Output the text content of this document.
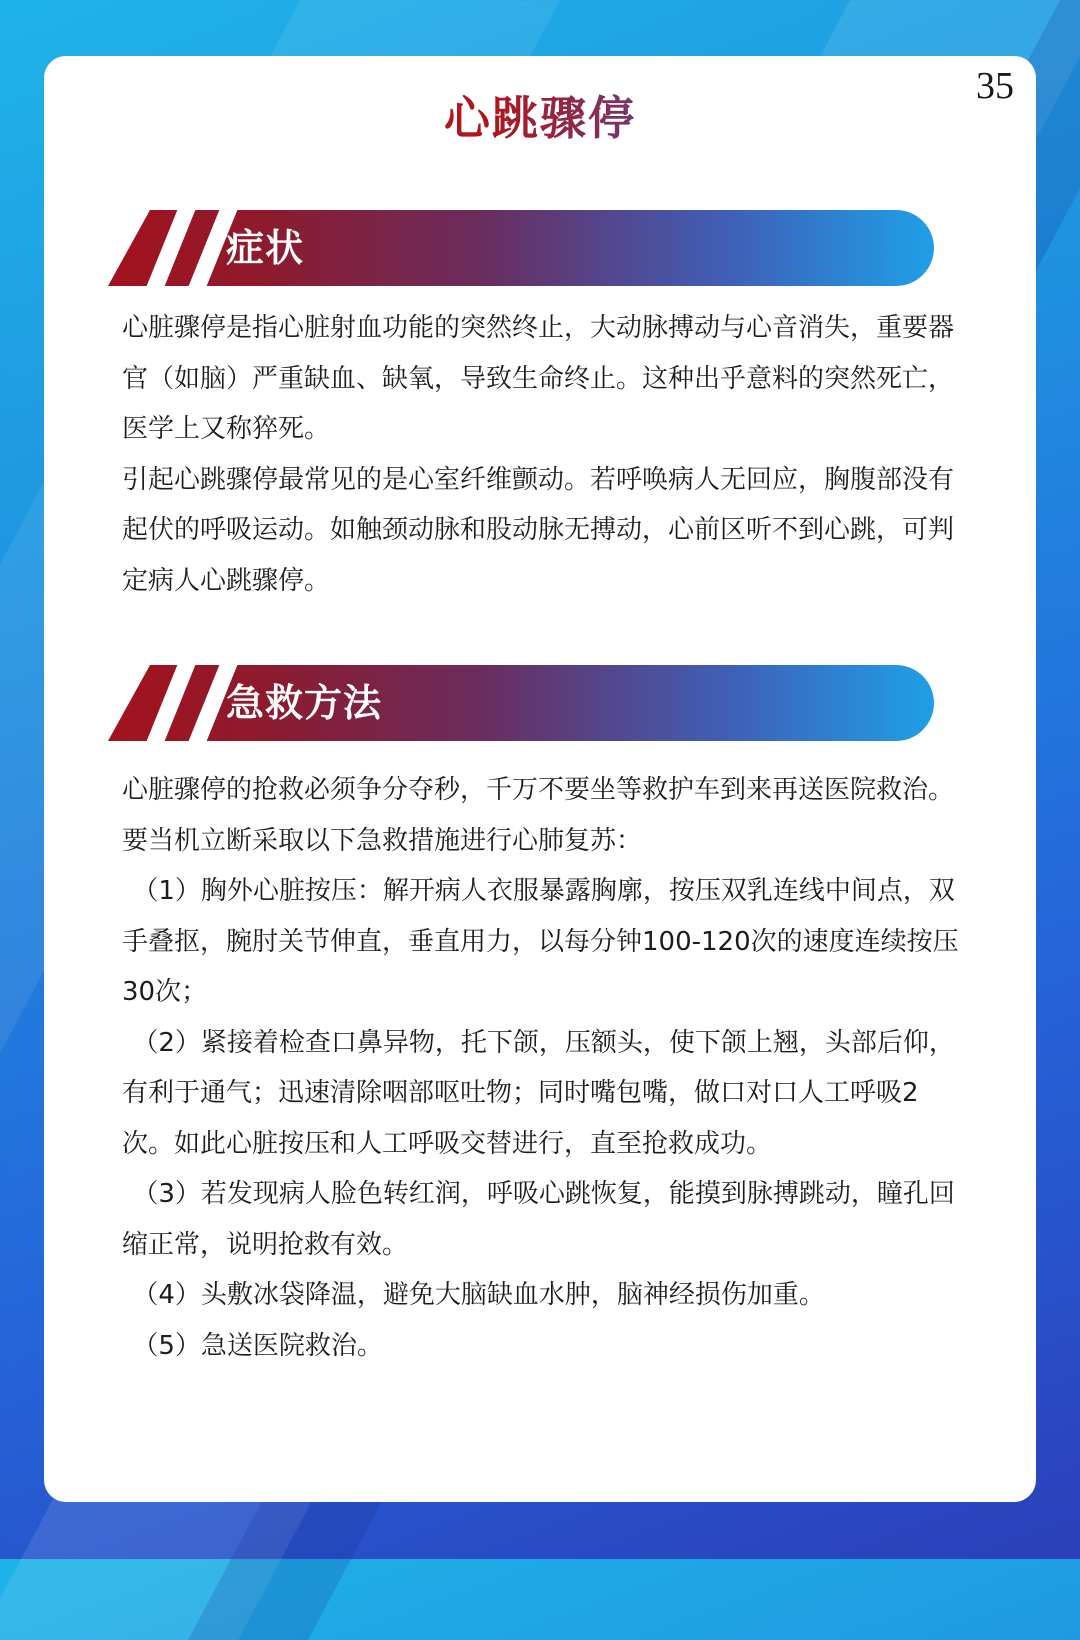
心跳骤停
症状

心脏骤停是指心脏射血功能的突然终止，大动脉搏动与心音消失，重要器官（如脑）严重缺血、缺氧，导致生命终止。这种出乎意料的突然死亡，医学上又称猝死。

引起心跳骤停最常见的是心室纤维颤动。若呼唤病人无回应，胸腹部没有起伏的呼吸运动。如触颈动脉和股动脉无搏动，心前区听不到心跳，可判定病人心跳骤停。

急救方法

心脏骤停的抢救必须争分夺秒，千万不要坐等救护车到来再送医院救治。要当机立断采取以下急救措施进行心肺复苏：

（1）胸外心脏按压：解开病人衣服暴露胸廓，按压双乳连线中间点，双手叠抠，腕肘关节伸直，垂直用力，以每分钟100-120次的速度连续按压30次；

（2）紧接着检查口鼻异物，托下颌，压额头，使下颌上翘，头部后仰，有利于通气；迅速清除咽部呕吐物；同时嘴包嘴，做口对口人工呼吸2次。如此心脏按压和人工呼吸交替进行，直至抢救成功。

（3）若发现病人脸色转红润，呼吸心跳恢复，能摸到脉搏跳动，瞳孔回缩正常，说明抢救有效。

（4）头敷冰袋降温，避免大脑缺血水肿，脑神经损伤加重。

（5）急送医院救治。
